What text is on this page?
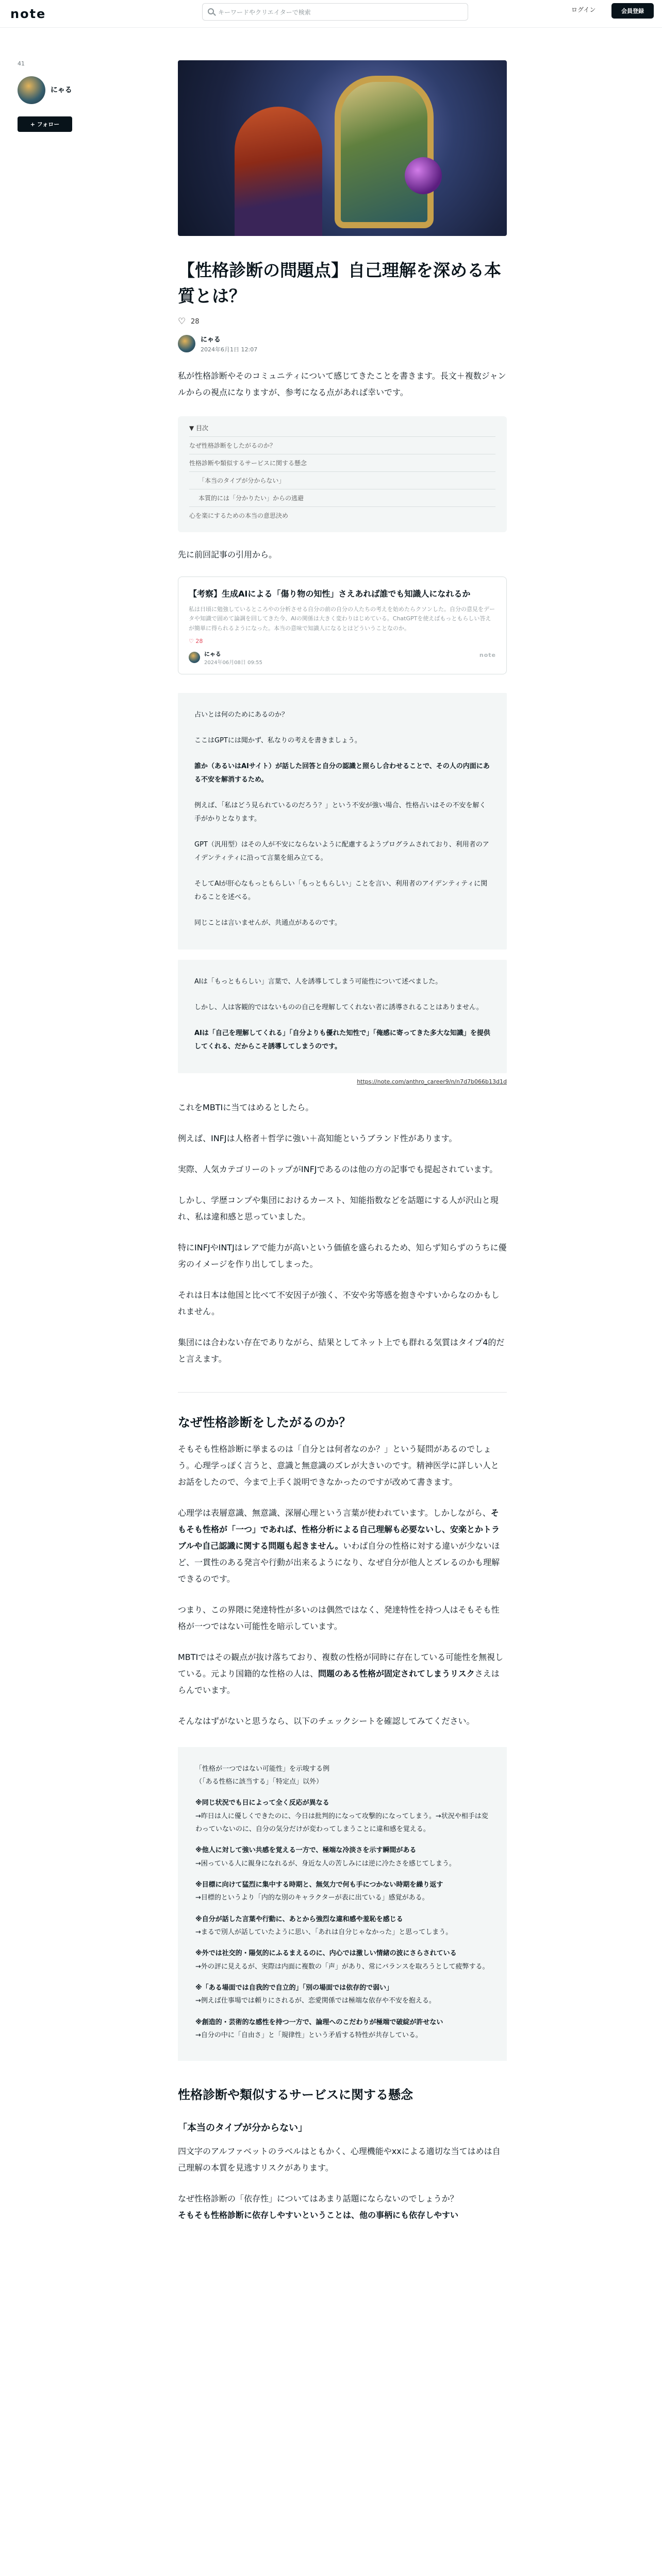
note	キーワードやクリエイターで検索	ログイン	会員登録
41
にゃる
+ フォロー
【性格診断の問題点】自己理解を深める本質とは？
♡
28
にゃる
2024年6月1日 12:07

私が性格診断やそのコミュニティについて感じてきたことを書きます。長文＋複数ジャンルからの視点になりますが、参考になる点があれば幸いです。

▼ 目次
なぜ性格診断をしたがるのか？
性格診断や類似するサービスに関する懸念
「本当のタイプが分からない」
本質的には「分かりたい」からの逃避
心を楽にするための本当の意思決め

先に前回記事の引用から。

【考察】生成AIによる「傷り物の知性」さえあれば誰でも知識人になれるか
私は日頃に勉強しているところやの分析させる自分の前の自分の人たちの考えを始めたらクソンした。自分の意見をデータや知識で固めて論調を回してきた今、AIの関係は大きく変わりはじめている。ChatGPTを使えばもっともらしい答えが簡単に得られるようになった。本当の意味で知識人になるとはどういうことなのか。
♡ 28
にゃる
2024年06月08日 09:55
note

占いとは何のためにあるのか？

ここはGPTには聞かず、私なりの考えを書きましょう。

誰か（あるいはAIサイト）が話した回答と自分の認識と照らし合わせることで、その人の内面にある不安を解消するため。

例えば、「私はどう見られているのだろう？」という不安が強い場合、性格占いはその不安を解く手がかりとなります。

GPT（汎用型）はその人が不安にならないように配慮するようプログラムされており、利用者のアイデンティティに沿って言葉を組み立てる。

そしてAIが肝心なもっともらしい「もっともらしい」ことを言い、利用者のアイデンティティに関わることを述べる。

同じことは言いませんが、共通点があるのです。

AIは「もっともらしい」言葉で、人を誘導してしまう可能性について述べました。

しかし、人は客観的ではないものの自己を理解してくれない者に誘導されることはありません。

AIは「自己を理解してくれる」「自分よりも優れた知性で」「俺感に寄ってきた多大な知識」を提供してくれる、だからこそ誘導してしまうのです。

https://note.com/anthro_career9/n/n7d7b066b13d1d

これをMBTIに当てはめるとしたら。

例えば、INFJは人格者＋哲学に強い＋高知能というブランド性があります。

実際、人気カテゴリーのトップがINFJであるのは他の方の記事でも提起されています。

しかし、学歴コンプや集団におけるカースト、知能指数などを話題にする人が沢山と現れ、私は違和感と思っていました。

特にINFJやINTJはレアで能力が高いという価値を盛られるため、知らず知らずのうちに優劣のイメージを作り出してしまった。

それは日本は他国と比べて不安因子が強く、不安や劣等感を抱きやすいからなのかもしれません。

集団には合わない存在でありながら、結果としてネット上でも群れる気質はタイプ4的だと言えます。

なぜ性格診断をしたがるのか？

そもそも性格診断に挙まるのは「自分とは何者なのか？」という疑問があるのでしょう。心理学っぽく言うと、意識と無意識のズレが大きいのです。精神医学に詳しい人とお話をしたので、今まで上手く説明できなかったのですが改めて書きます。

心理学は表層意識、無意識、深層心理という言葉が使われています。しかしながら、そもそも性格が「一つ」であれば、性格分析による自己理解も必要ないし、安楽とかトラブルや自己認識に関する問題も起きません。いわば自分の性格に対する違いが少ないほど、一貫性のある発言や行動が出来るようになり、なぜ自分が他人とズレるのかも理解できるのです。

つまり、この界隈に発達特性が多いのは偶然ではなく、発達特性を持つ人はそもそも性格が一つではない可能性を暗示しています。

MBTIではその観点が抜け落ちており、複数の性格が同時に存在している可能性を無視している。元より国籍的な性格の人は、問題のある性格が固定されてしまうリスクさえはらんでいます。

そんなはずがないと思うなら、以下のチェックシートを確認してみてください。

「性格が一つではない可能性」を示唆する例
（「ある性格に該当する」「特定点」以外）

※同じ状況でも日によって全く反応が異なる

→昨日は人に優しくできたのに、今日は批判的になって攻撃的になってしまう。→状況や相手は変わっていないのに、自分の気分だけが変わってしまうことに違和感を覚える。

※他人に対して強い共感を覚える一方で、極端な冷淡さを示す瞬間がある

→困っている人に親身になれるが、身近な人の苦しみには逆に冷たさを感じてしまう。

※目標に向けて猛烈に集中する時期と、無気力で何も手につかない時期を繰り返す

→目標的というより「内的な別のキャラクターが表に出ている」感覚がある。

※自分が話した言葉や行動に、あとから強烈な違和感や羞恥を感じる

→まるで別人が話していたように思い、「あれは自分じゃなかった」と思ってしまう。

※外では社交的・陽気的にふるまえるのに、内心では激しい情緒の波にさらされている

→外の評に見えるが、実際は内面に複数の「声」があり、常にバランスを取ろうとして疲弊する。

※「ある場面では自我的で自立的」「別の場面では依存的で弱い」

→例えば仕事場では頼りにされるが、恋愛関係では極端な依存や不安を抱える。

※創造的・芸術的な感性を持つ一方で、論理へのこだわりが極端で破綻が許せない

→自分の中に「自由さ」と「規律性」という矛盾する特性が共存している。

性格診断や類似するサービスに関する懸念
「本当のタイプが分からない」

四文字のアルファベットのラベルはともかく、心理機能やxxによる適切な当てはめは自己理解の本質を見逃すリスクがあります。

なぜ性格診断の「依存性」についてはあまり話題にならないのでしょうか？
そもそも性格診断に依存しやすいということは、他の事柄にも依存しやすい
